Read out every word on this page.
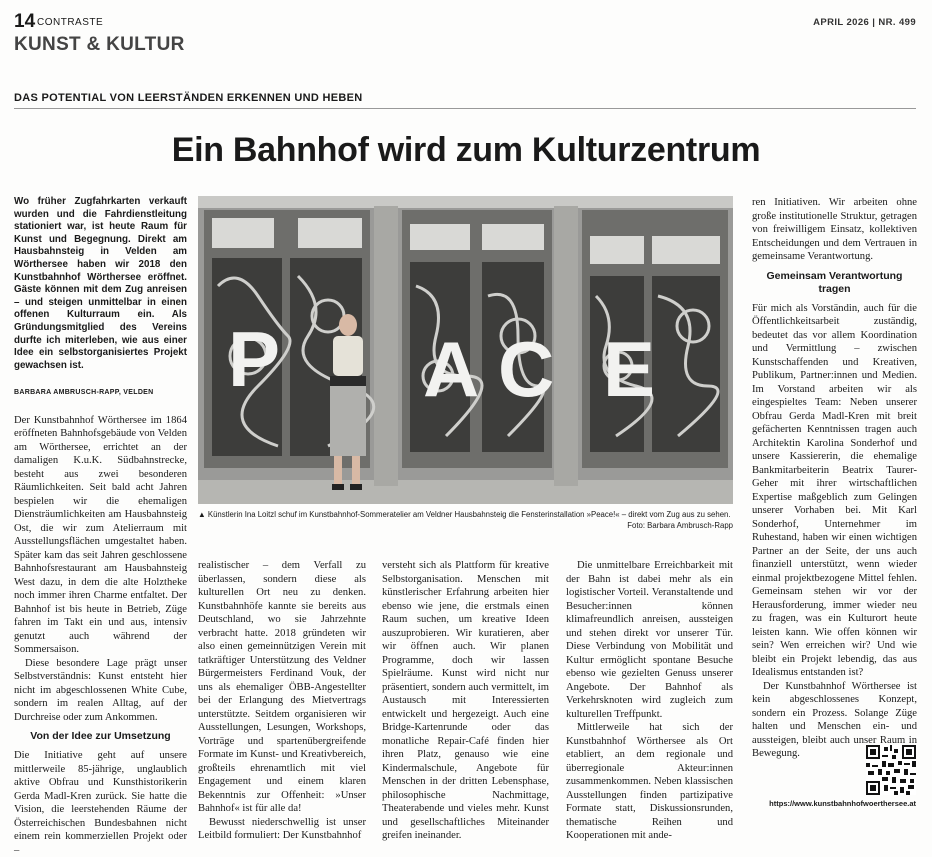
14 CONTRASTE
KUNST & KULTUR
APRIL 2026 | NR. 499
DAS POTENTIAL VON LEERSTÄNDEN ERKENNEN UND HEBEN
Ein Bahnhof wird zum Kulturzentrum
Wo früher Zugfahrkarten verkauft wurden und die Fahrdienstleitung stationiert war, ist heute Raum für Kunst und Begegnung. Direkt am Hausbahnsteig in Velden am Wörthersee haben wir 2018 den Kunstbahnhof Wörthersee eröffnet. Gäste können mit dem Zug anreisen – und steigen unmittelbar in einen offenen Kulturraum ein. Als Gründungsmitglied des Vereins durfte ich miterleben, wie aus einer Idee ein selbstorganisiertes Projekt gewachsen ist.
BARBARA AMBRUSCH-RAPP, VELDEN

Der Kunstbahnhof Wörthersee im 1864 eröffneten Bahnhofsgebäude von Velden am Wörthersee, errichtet an der damaligen K.u.K. Südbahnstrecke, besteht aus zwei besonderen Räumlichkeiten. Seit bald acht Jahren bespielen wir die ehemaligen Diensträumlichkeiten am Hausbahnsteig Ost, die wir zum Atelierraum mit Ausstellungsflächen umgestaltet haben. Später kam das seit Jahren geschlossene Bahnhofsrestaurant am Hausbahnsteig West dazu, in dem die alte Holztheke noch immer ihren Charme entfaltet. Der Bahnhof ist bis heute in Betrieb, Züge fahren im Takt ein und aus, intensiv genutzt auch während der Sommersaison.

Diese besondere Lage prägt unser Selbstverständnis: Kunst entsteht hier nicht im abgeschlossenen White Cube, sondern im realen Alltag, auf der Durchreise oder zum Ankommen.

Von der Idee zur Umsetzung

Die Initiative geht auf unsere mittlerweile 85-jährige, unglaublich aktive Obfrau und Kunsthistorikerin Gerda Madl-Kren zurück. Sie hatte die Vision, die leerstehenden Räume der Österreichischen Bundesbahnen nicht einem rein kommerziellen Projekt oder –

P A C E
▲ Künstlerin Ina Loitzl schuf im Kunstbahnhof-Sommeratelier am Veldner Hausbahnsteig die Fensterinstallation »Peace!« – direkt vom Zug aus zu sehen.
Foto: Barbara Ambrusch-Rapp

realistischer – dem Verfall zu überlassen, sondern diese als kulturellen Ort neu zu denken. Kunstbahnhöfe kannte sie bereits aus Deutschland, wo sie Jahrzehnte verbracht hatte. 2018 gründeten wir also einen gemeinnützigen Verein mit tatkräftiger Unterstützung des Veldner Bürgermeisters Ferdinand Vouk, der uns als ehemaliger ÖBB-Angestellter bei der Erlangung des Mietvertrags unterstützte. Seitdem organisieren wir Ausstellungen, Lesungen, Workshops, Vorträge und spartenübergreifende Formate im Kunst- und Kreativbereich, großteils ehrenamtlich mit viel Engagement und einem klaren Bekenntnis zur Offenheit: »Unser Bahnhof« ist für alle da!

Bewusst niederschwellig ist unser Leitbild formuliert: Der Kunstbahnhof

versteht sich als Plattform für kreative Selbstorganisation. Menschen mit künstlerischer Erfahrung arbeiten hier ebenso wie jene, die erstmals einen Raum suchen, um kreative Ideen auszuprobieren. Wir kuratieren, aber wir öffnen auch. Wir planen Programme, doch wir lassen Spielräume. Kunst wird nicht nur präsentiert, sondern auch vermittelt, im Austausch mit Interessierten entwickelt und hergezeigt. Auch eine Bridge-Kartenrunde oder das monatliche Repair-Café finden hier ihren Platz, genauso wie eine Kindermalschule, Angebote für Menschen in der dritten Lebensphase, philosophische Nachmittage, Theaterabende und vieles mehr. Kunst und gesellschaftliches Miteinander greifen ineinander.

Die unmittelbare Erreichbarkeit mit der Bahn ist dabei mehr als ein logistischer Vorteil. Veranstaltende und Besucher:innen können klimafreundlich anreisen, aussteigen und stehen direkt vor unserer Tür. Diese Verbindung von Mobilität und Kultur ermöglicht spontane Besuche ebenso wie gezielten Genuss unserer Angebote. Der Bahnhof als Verkehrsknoten wird zugleich zum kulturellen Treffpunkt.

Mittlerweile hat sich der Kunstbahnhof Wörthersee als Ort etabliert, an dem regionale und überregionale Akteur:innen zusammenkommen. Neben klassischen Ausstellungen finden partizipative Formate statt, Diskussionsrunden, thematische Reihen und Kooperationen mit ande-

ren Initiativen. Wir arbeiten ohne große institutionelle Struktur, getragen von freiwilligem Einsatz, kollektiven Entscheidungen und dem Vertrauen in gemeinsame Verantwortung.

Gemeinsam Verantwortung tragen

Für mich als Vorständin, auch für die Öffentlichkeitsarbeit zuständig, bedeutet das vor allem Koordination und Vermittlung – zwischen Kunstschaffenden und Kreativen, Publikum, Partner:innen und Medien. Im Vorstand arbeiten wir als eingespieltes Team: Neben unserer Obfrau Gerda Madl-Kren mit breit gefächerten Kenntnissen tragen auch Architektin Karolina Sonderhof und unsere Kassiererin, die ehemalige Bankmitarbeiterin Beatrix Taurer-Geher mit ihrer wirtschaftlichen Expertise maßgeblich zum Gelingen unserer Vorhaben bei. Mit Karl Sonderhof, Unternehmer im Ruhestand, haben wir einen wichtigen Partner an der Seite, der uns auch finanziell unterstützt, wenn wieder einmal projektbezogene Mittel fehlen. Gemeinsam stehen wir vor der Herausforderung, immer wieder neu zu fragen, was ein Kulturort heute leisten kann. Wie offen können wir sein? Wen erreichen wir? Und wie bleibt ein Projekt lebendig, das aus Idealismus entstanden ist?

Der Kunstbahnhof Wörthersee ist kein abgeschlossenes Konzept, sondern ein Prozess. Solange Züge halten und Menschen ein- und aussteigen, bleibt auch unser Raum in Bewegung.

https://www.kunstbahnhofwoerthersee.at
